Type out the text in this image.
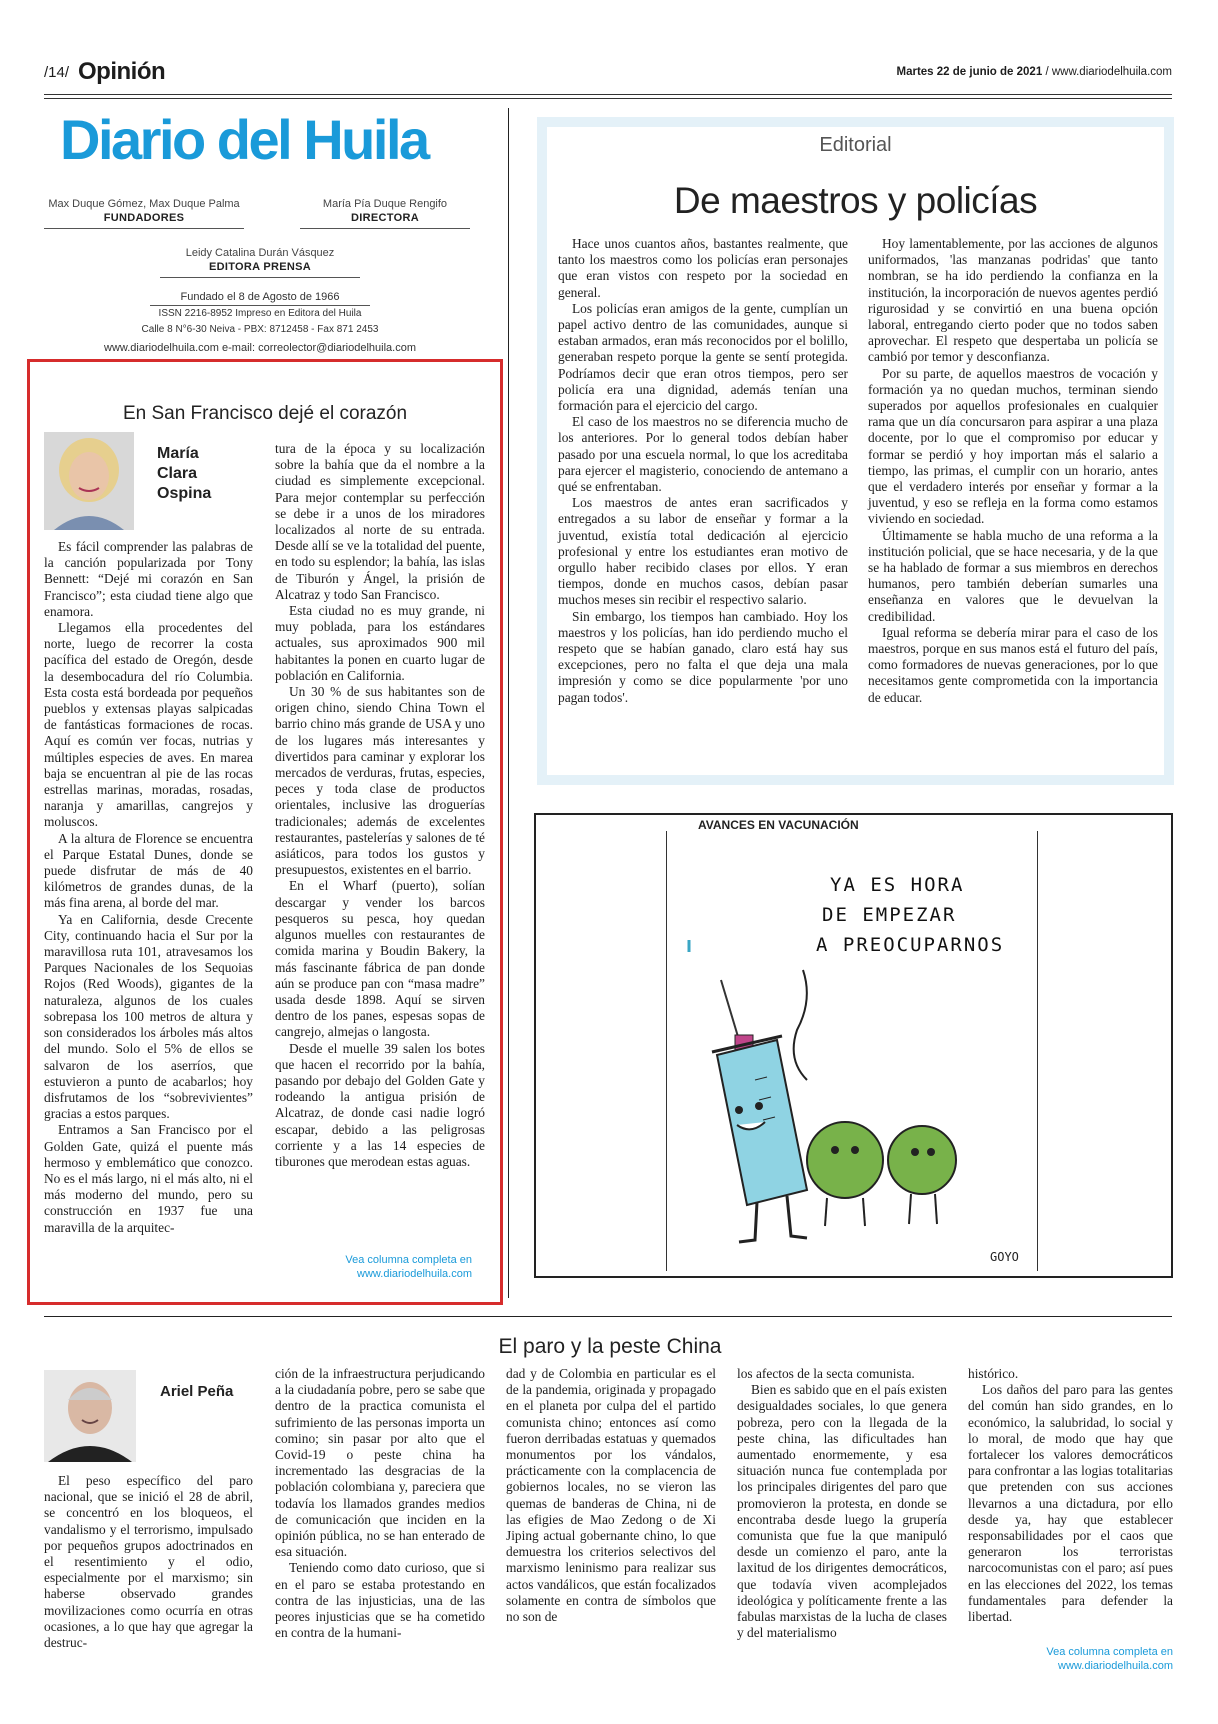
/14/ Opinión	Martes 22 de junio de 2021 / www.diariodelhuila.com
Diario del Huila
Max Duque Gómez, Max Duque Palma
FUNDADORES
María Pía Duque Rengifo
DIRECTORA
Leidy Catalina Durán Vásquez
EDITORA PRENSA
Fundado el 8 de Agosto de 1966
ISSN 2216-8952 Impreso en Editora del Huila
Calle 8 N°6-30 Neiva - PBX: 8712458 - Fax 871 2453
www.diariodelhuila.com e-mail: correolector@diariodelhuila.com
En San Francisco dejé el corazón
María
Clara
Ospina

Es fácil comprender las palabras de la canción popularizada por Tony Bennett: “Dejé mi corazón en San Francisco”; esta ciudad tiene algo que enamora.

Llegamos ella procedentes del norte, luego de recorrer la costa pacífica del estado de Oregón, desde la desembocadura del río Columbia. Esta costa está bordeada por pequeños pueblos y extensas playas salpicadas de fantásticas formaciones de rocas. Aquí es común ver focas, nutrias y múltiples especies de aves. En marea baja se encuentran al pie de las rocas estrellas marinas, moradas, rosadas, naranja y amarillas, cangrejos y moluscos.

A la altura de Florence se encuentra el Parque Estatal Dunes, donde se puede disfrutar de más de 40 kilómetros de grandes dunas, de la más fina arena, al borde del mar.

Ya en California, desde Crecente City, continuando hacia el Sur por la maravillosa ruta 101, atravesamos los Parques Nacionales de los Sequoias Rojos (Red Woods), gigantes de la naturaleza, algunos de los cuales sobrepasa los 100 metros de altura y son considerados los árboles más altos del mundo. Solo el 5% de ellos se salvaron de los aserríos, que estuvieron a punto de acabarlos; hoy disfrutamos de los “sobrevivientes” gracias a estos parques.

Entramos a San Francisco por el Golden Gate, quizá el puente más hermoso y emblemático que conozco. No es el más largo, ni el más alto, ni el más moderno del mundo, pero su construcción en 1937 fue una maravilla de la arquitec-

tura de la época y su localización sobre la bahía que da el nombre a la ciudad es simplemente excepcional. Para mejor contemplar su perfección se debe ir a unos de los miradores localizados al norte de su entrada. Desde allí se ve la totalidad del puente, en todo su esplendor; la bahía, las islas de Tiburón y Ángel, la prisión de Alcatraz y todo San Francisco.

Esta ciudad no es muy grande, ni muy poblada, para los estándares actuales, sus aproximados 900 mil habitantes la ponen en cuarto lugar de población en California.

Un 30 % de sus habitantes son de origen chino, siendo China Town el barrio chino más grande de USA y uno de los lugares más interesantes y divertidos para caminar y explorar los mercados de verduras, frutas, especies, peces y toda clase de productos orientales, inclusive las droguerías tradicionales; además de excelentes restaurantes, pastelerías y salones de té asiáticos, para todos los gustos y presupuestos, existentes en el barrio.

En el Wharf (puerto), solían descargar y vender los barcos pesqueros su pesca, hoy quedan algunos muelles con restaurantes de comida marina y Boudin Bakery, la más fascinante fábrica de pan donde aún se produce pan con “masa madre” usada desde 1898. Aquí se sirven dentro de los panes, espesas sopas de cangrejo, almejas o langosta.

Desde el muelle 39 salen los botes que hacen el recorrido por la bahía, pasando por debajo del Golden Gate y rodeando la antigua prisión de Alcatraz, de donde casi nadie logró escapar, debido a las peligrosas corriente y a las 14 especies de tiburones que merodean estas aguas.

Vea columna completa en
www.diariodelhuila.com
Editorial
De maestros y policías

Hace unos cuantos años, bastantes realmente, que tanto los maestros como los policías eran personajes que eran vistos con respeto por la sociedad en general.

Los policías eran amigos de la gente, cumplían un papel activo dentro de las comunidades, aunque si estaban armados, eran más reconocidos por el bolillo, generaban respeto porque la gente se sentí protegida. Podríamos decir que eran otros tiempos, pero ser policía era una dignidad, además tenían una formación para el ejercicio del cargo.

El caso de los maestros no se diferencia mucho de los anteriores. Por lo general todos debían haber pasado por una escuela normal, lo que los acreditaba para ejercer el magisterio, conociendo de antemano a qué se enfrentaban.

Los maestros de antes eran sacrificados y entregados a su labor de enseñar y formar a la juventud, existía total dedicación al ejercicio profesional y entre los estudiantes eran motivo de orgullo haber recibido clases por ellos. Y eran tiempos, donde en muchos casos, debían pasar muchos meses sin recibir el respectivo salario.

Sin embargo, los tiempos han cambiado. Hoy los maestros y los policías, han ido perdiendo mucho el respeto que se habían ganado, claro está hay sus excepciones, pero no falta el que deja una mala impresión y como se dice popularmente 'por uno pagan todos'.

Hoy lamentablemente, por las acciones de algunos uniformados, 'las manzanas podridas' que tanto nombran, se ha ido perdiendo la confianza en la institución, la incorporación de nuevos agentes perdió rigurosidad y se convirtió en una buena opción laboral, entregando cierto poder que no todos saben aprovechar. El respeto que despertaba un policía se cambió por temor y desconfianza.

Por su parte, de aquellos maestros de vocación y formación ya no quedan muchos, terminan siendo superados por aquellos profesionales en cualquier rama que un día concursaron para aspirar a una plaza docente, por lo que el compromiso por educar y formar se perdió y hoy importan más el salario a tiempo, las primas, el cumplir con un horario, antes que el verdadero interés por enseñar y formar a la juventud, y eso se refleja en la forma como estamos viviendo en sociedad.

Últimamente se habla mucho de una reforma a la institución policial, que se hace necesaria, y de la que se ha hablado de formar a sus miembros en derechos humanos, pero también deberían sumarles una enseñanza en valores que le devuelvan la credibilidad.

Igual reforma se debería mirar para el caso de los maestros, porque en sus manos está el futuro del país, como formadores de nuevas generaciones, por lo que necesitamos gente comprometida con la importancia de educar.

AVANCES EN VACUNACIÓN
YA ES HORA
DE EMPEZAR
A PREOCUPARNOS
GOYO
El paro y la peste China
Ariel Peña

El peso específico del paro nacional, que se inició el 28 de abril, se concentró en los bloqueos, el vandalismo y el terrorismo, impulsado por pequeños grupos adoctrinados en el resentimiento y el odio, especialmente por el marxismo; sin haberse observado grandes movilizaciones como ocurría en otras ocasiones, a lo que hay que agregar la destruc-

ción de la infraestructura perjudicando a la ciudadanía pobre, pero se sabe que dentro de la practica comunista el sufrimiento de las personas importa un comino; sin pasar por alto que el Covid-19 o peste china ha incrementado las desgracias de la población colombiana y, pareciera que todavía los llamados grandes medios de comunicación que inciden en la opinión pública, no se han enterado de esa situación.

Teniendo como dato curioso, que si en el paro se estaba protestando en contra de las injusticias, una de las peores injusticias que se ha cometido en contra de la humani-

dad y de Colombia en particular es el de la pandemia, originada y propagado en el planeta por culpa del el partido comunista chino; entonces así como fueron derribadas estatuas y quemados monumentos por los vándalos, prácticamente con la complacencia de gobiernos locales, no se vieron las quemas de banderas de China, ni de las efigies de Mao Zedong o de Xi Jiping actual gobernante chino, lo que demuestra los criterios selectivos del marxismo leninismo para realizar sus actos vandálicos, que están focalizados solamente en contra de símbolos que no son de

los afectos de la secta comunista.

Bien es sabido que en el país existen desigualdades sociales, lo que genera pobreza, pero con la llegada de la peste china, las dificultades han aumentado enormemente, y esa situación nunca fue contemplada por los principales dirigentes del paro que promovieron la protesta, en donde se encontraba desde luego la grupería comunista que fue la que manipuló desde un comienzo el paro, ante la laxitud de los dirigentes democráticos, que todavía viven acomplejados ideológica y políticamente frente a las fabulas marxistas de la lucha de clases y del materialismo

histórico.

Los daños del paro para las gentes del común han sido grandes, en lo económico, la salubridad, lo social y lo moral, de modo que hay que fortalecer los valores democráticos para confrontar a las logias totalitarias que pretenden con sus acciones llevarnos a una dictadura, por ello desde ya, hay que establecer responsabilidades por el caos que generaron los terroristas narcocomunistas con el paro; así pues en las elecciones del 2022, los temas fundamentales para defender la libertad.

Vea columna completa en
www.diariodelhuila.com
